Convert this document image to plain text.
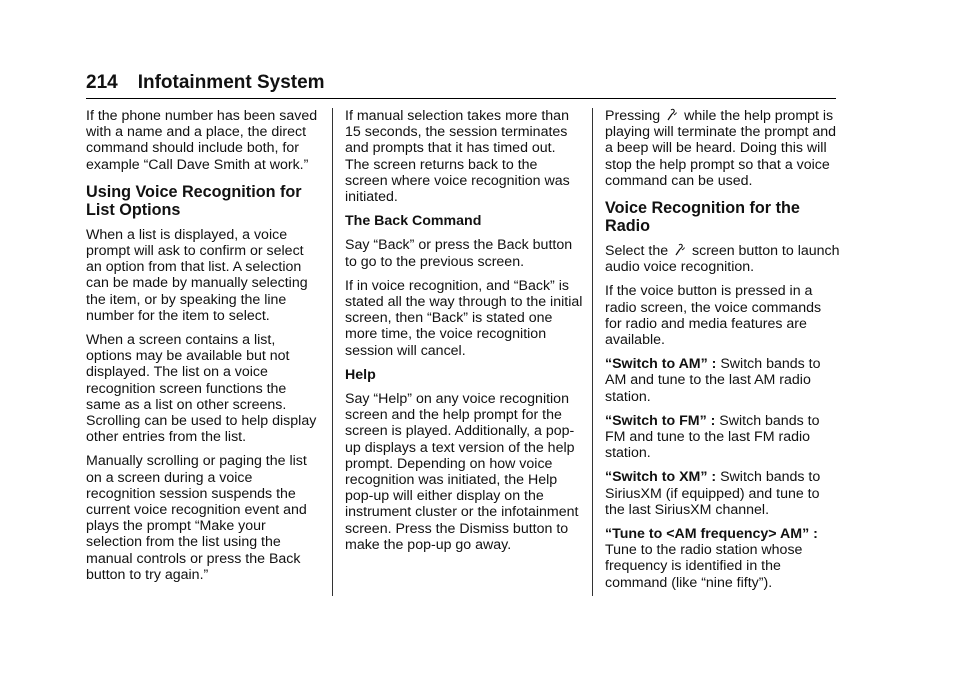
214 Infotainment System

If the phone number has been saved with a name and a place, the direct command should include both, for example “Call Dave Smith at work.”

Using Voice Recognition for List Options

When a list is displayed, a voice prompt will ask to confirm or select an option from that list. A selection can be made by manually selecting the item, or by speaking the line number for the item to select.

When a screen contains a list, options may be available but not displayed. The list on a voice recognition screen functions the same as a list on other screens. Scrolling can be used to help display other entries from the list.

Manually scrolling or paging the list on a screen during a voice recognition session suspends the current voice recognition event and plays the prompt “Make your selection from the list using the manual controls or press the Back button to try again.”

If manual selection takes more than 15 seconds, the session terminates and prompts that it has timed out. The screen returns back to the screen where voice recognition was initiated.

The Back Command

Say “Back” or press the Back button to go to the previous screen.

If in voice recognition, and “Back” is stated all the way through to the initial screen, then “Back” is stated one more time, the voice recognition session will cancel.

Help

Say “Help” on any voice recognition screen and the help prompt for the screen is played. Additionally, a pop-up displays a text version of the help prompt. Depending on how voice recognition was initiated, the Help pop-up will either display on the instrument cluster or the infotainment screen. Press the Dismiss button to make the pop-up go away.

Pressing while the help prompt is playing will terminate the prompt and a beep will be heard. Doing this will stop the help prompt so that a voice command can be used.

Voice Recognition for the Radio

Select the screen button to launch audio voice recognition.

If the voice button is pressed in a radio screen, the voice commands for radio and media features are available.

“Switch to AM” : Switch bands to AM and tune to the last AM radio station.

“Switch to FM” : Switch bands to FM and tune to the last FM radio station.

“Switch to XM” : Switch bands to SiriusXM (if equipped) and tune to the last SiriusXM channel.

“Tune to <AM frequency> AM” :
Tune to the radio station whose frequency is identified in the command (like “nine fifty”).
